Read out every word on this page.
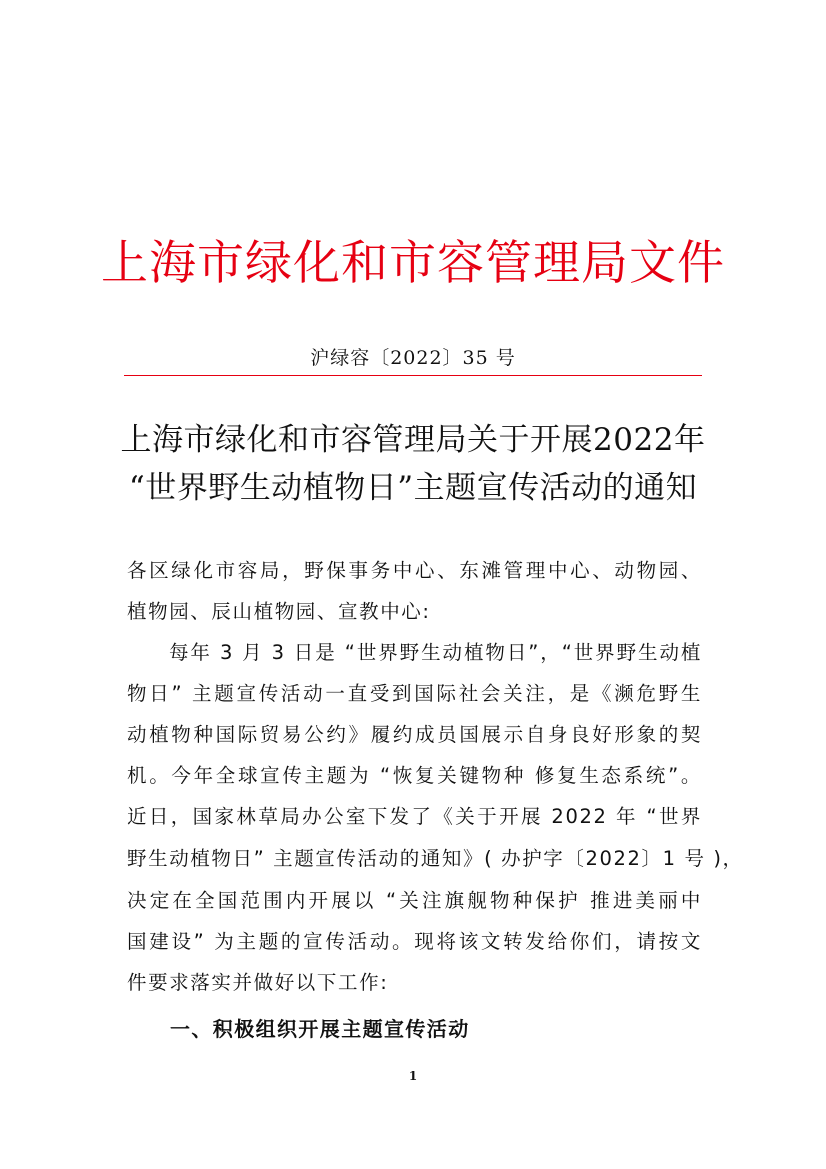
上海市绿化和市容管理局文件
沪绿容〔2022〕35 号
上海市绿化和市容管理局关于开展2022年
“世界野生动植物日”主题宣传活动的通知
各区绿化市容局，野保事务中心、东滩管理中心、动物园、
植物园、辰山植物园、宣教中心:
每年 3 月 3 日是 “世界野生动植物日”，“世界野生动植
物日” 主题宣传活动一直受到国际社会关注，是《濒危野生
动植物种国际贸易公约》履约成员国展示自身良好形象的契
机。今年全球宣传主题为 “恢复关键物种 修复生态系统”。
近日，国家林草局办公室下发了《关于开展 2022 年 “世界
野生动植物日” 主题宣传活动的通知》( 办护字〔2022〕1 号 )，
决定在全国范围内开展以 “关注旗舰物种保护 推进美丽中
国建设” 为主题的宣传活动。现将该文转发给你们，请按文
件要求落实并做好以下工作:
一、积极组织开展主题宣传活动
1
